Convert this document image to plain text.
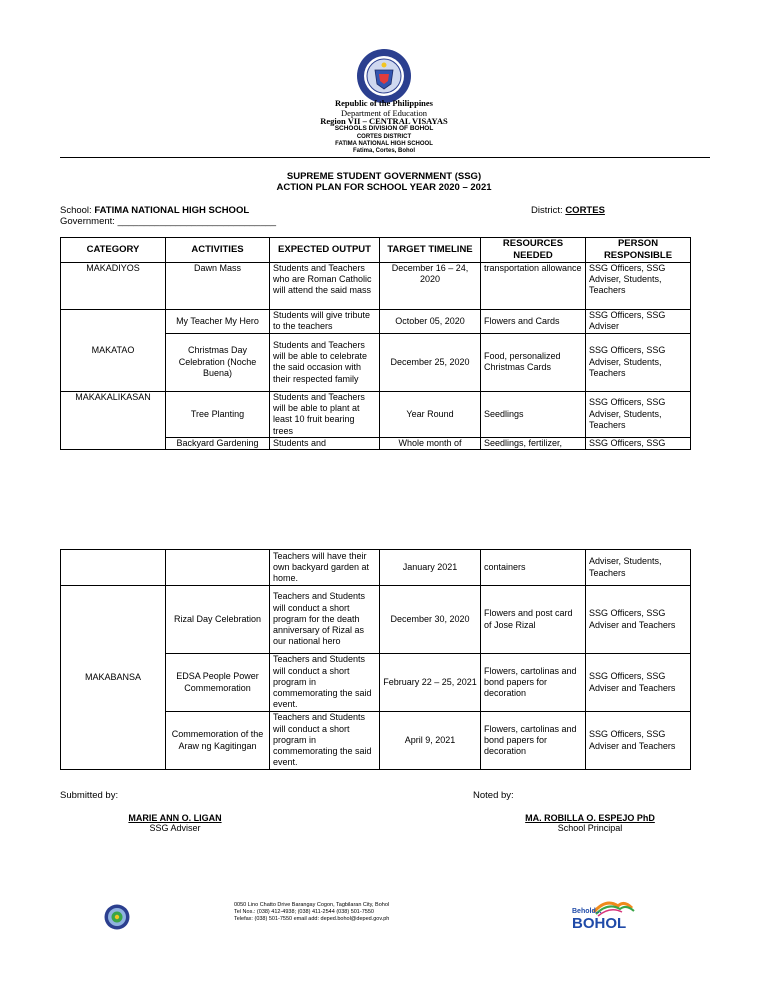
Republic of the Philippines
Department of Education
Region VII – CENTRAL VISAYAS
SCHOOLS DIVISION OF BOHOL
CORTES DISTRICT
FATIMA NATIONAL HIGH SCHOOL
Fatima, Cortes, Bohol
SUPREME STUDENT GOVERNMENT (SSG)
ACTION PLAN FOR SCHOOL YEAR 2020 – 2021
School: FATIMA NATIONAL HIGH SCHOOL	District: CORTES
Government: ______________________________
CATEGORY	ACTIVITIES	EXPECTED OUTPUT	TARGET TIMELINE	RESOURCES NEEDED	PERSON RESPONSIBLE
MAKADIYOS	Dawn Mass	Students and Teachers who are Roman Catholic will attend the said mass	December 16 – 24, 2020	transportation allowance	SSG Officers, SSG Adviser, Students, Teachers
MAKATAO	My Teacher My Hero	Students will give tribute to the teachers	October 05, 2020	Flowers and Cards	SSG Officers, SSG Adviser
	Christmas Day Celebration (Noche Buena)	Students and Teachers will be able to celebrate the said occasion with their respected family	December 25, 2020	Food, personalized Christmas Cards	SSG Officers, SSG Adviser, Students, Teachers
MAKAKALIKASAN	Tree Planting	Students and Teachers will be able to plant at least 10 fruit bearing trees	Year Round	Seedlings	SSG Officers, SSG Adviser, Students, Teachers
	Backyard Gardening	Students and	Whole month of	Seedlings, fertilizer,	SSG Officers, SSG
		Teachers will have their own backyard garden at home.	January 2021	containers	Adviser, Students, Teachers
MAKABANSA	Rizal Day Celebration	Teachers and Students will conduct a short program for the death anniversary of Rizal as our national hero	December 30, 2020	Flowers and post card of Jose Rizal	SSG Officers, SSG Adviser and Teachers
	EDSA People Power Commemoration	Teachers and Students will conduct a short program in commemorating the said event.	February 22 – 25, 2021	Flowers, cartolinas and bond papers for decoration	SSG Officers, SSG Adviser and Teachers
	Commemoration of the Araw ng Kagitingan	Teachers and Students will conduct a short program in commemorating the said event.	April 9, 2021	Flowers, cartolinas and bond papers for decoration	SSG Officers, SSG Adviser and Teachers
Submitted by:	Noted by:
MARIE ANN O. LIGAN
SSG Adviser
MA. ROBILLA O. ESPEJO PhD
School Principal
0050 Lino Chatto Drive Barangay Cogon, Tagbilaran City, Bohol
Tel Nos.: (038) 412-4938; (038) 411-2544 (038) 501-7550
Telefax: (038) 501-7550 email add: deped.bohol@deped.gov.ph
Behold...
BOHOL
